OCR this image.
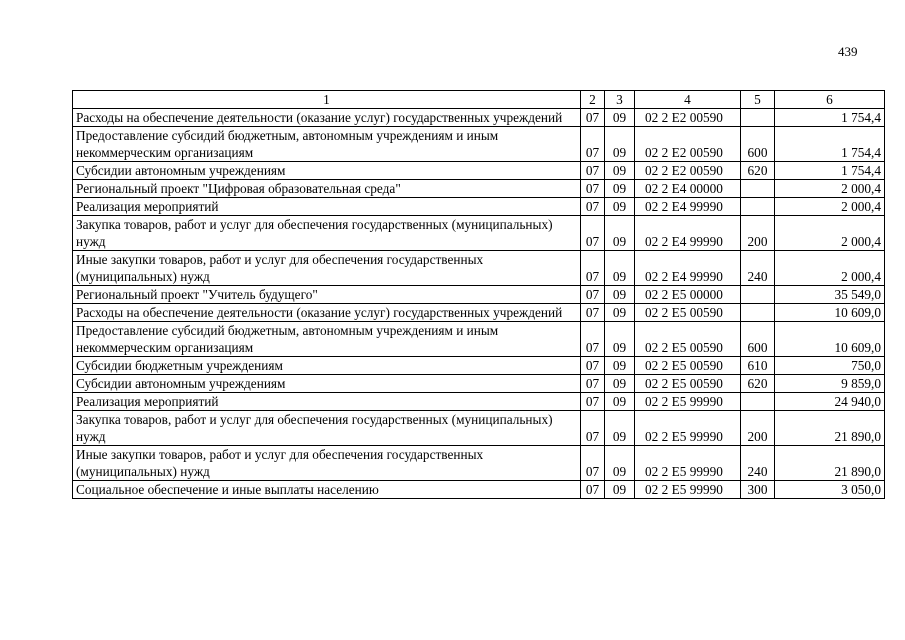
439
1	2	3	4	5	6
Расходы на обеспечение деятельности (оказание услуг) государственных учреждений	07	09	02 2 Е2 00590		1 754,4
Предоставление субсидий бюджетным, автономным учреждениям и иным некоммерческим организациям	07	09	02 2 Е2 00590	600	1 754,4
Субсидии автономным учреждениям	07	09	02 2 Е2 00590	620	1 754,4
Региональный проект "Цифровая образовательная среда"	07	09	02 2 Е4 00000		2 000,4
Реализация мероприятий	07	09	02 2 Е4 99990		2 000,4
Закупка товаров, работ и услуг для обеспечения государственных (муниципальных) нужд	07	09	02 2 Е4 99990	200	2 000,4
Иные закупки товаров, работ и услуг для обеспечения государственных (муниципальных) нужд	07	09	02 2 Е4 99990	240	2 000,4
Региональный проект "Учитель будущего"	07	09	02 2 Е5 00000		35 549,0
Расходы на обеспечение деятельности (оказание услуг) государственных учреждений	07	09	02 2 Е5 00590		10 609,0
Предоставление субсидий бюджетным, автономным учреждениям и иным некоммерческим организациям	07	09	02 2 Е5 00590	600	10 609,0
Субсидии бюджетным учреждениям	07	09	02 2 Е5 00590	610	750,0
Субсидии автономным учреждениям	07	09	02 2 Е5 00590	620	9 859,0
Реализация мероприятий	07	09	02 2 Е5 99990		24 940,0
Закупка товаров, работ и услуг для обеспечения государственных (муниципальных) нужд	07	09	02 2 Е5 99990	200	21 890,0
Иные закупки товаров, работ и услуг для обеспечения государственных (муниципальных) нужд	07	09	02 2 Е5 99990	240	21 890,0
Социальное обеспечение и иные выплаты населению	07	09	02 2 Е5 99990	300	3 050,0
